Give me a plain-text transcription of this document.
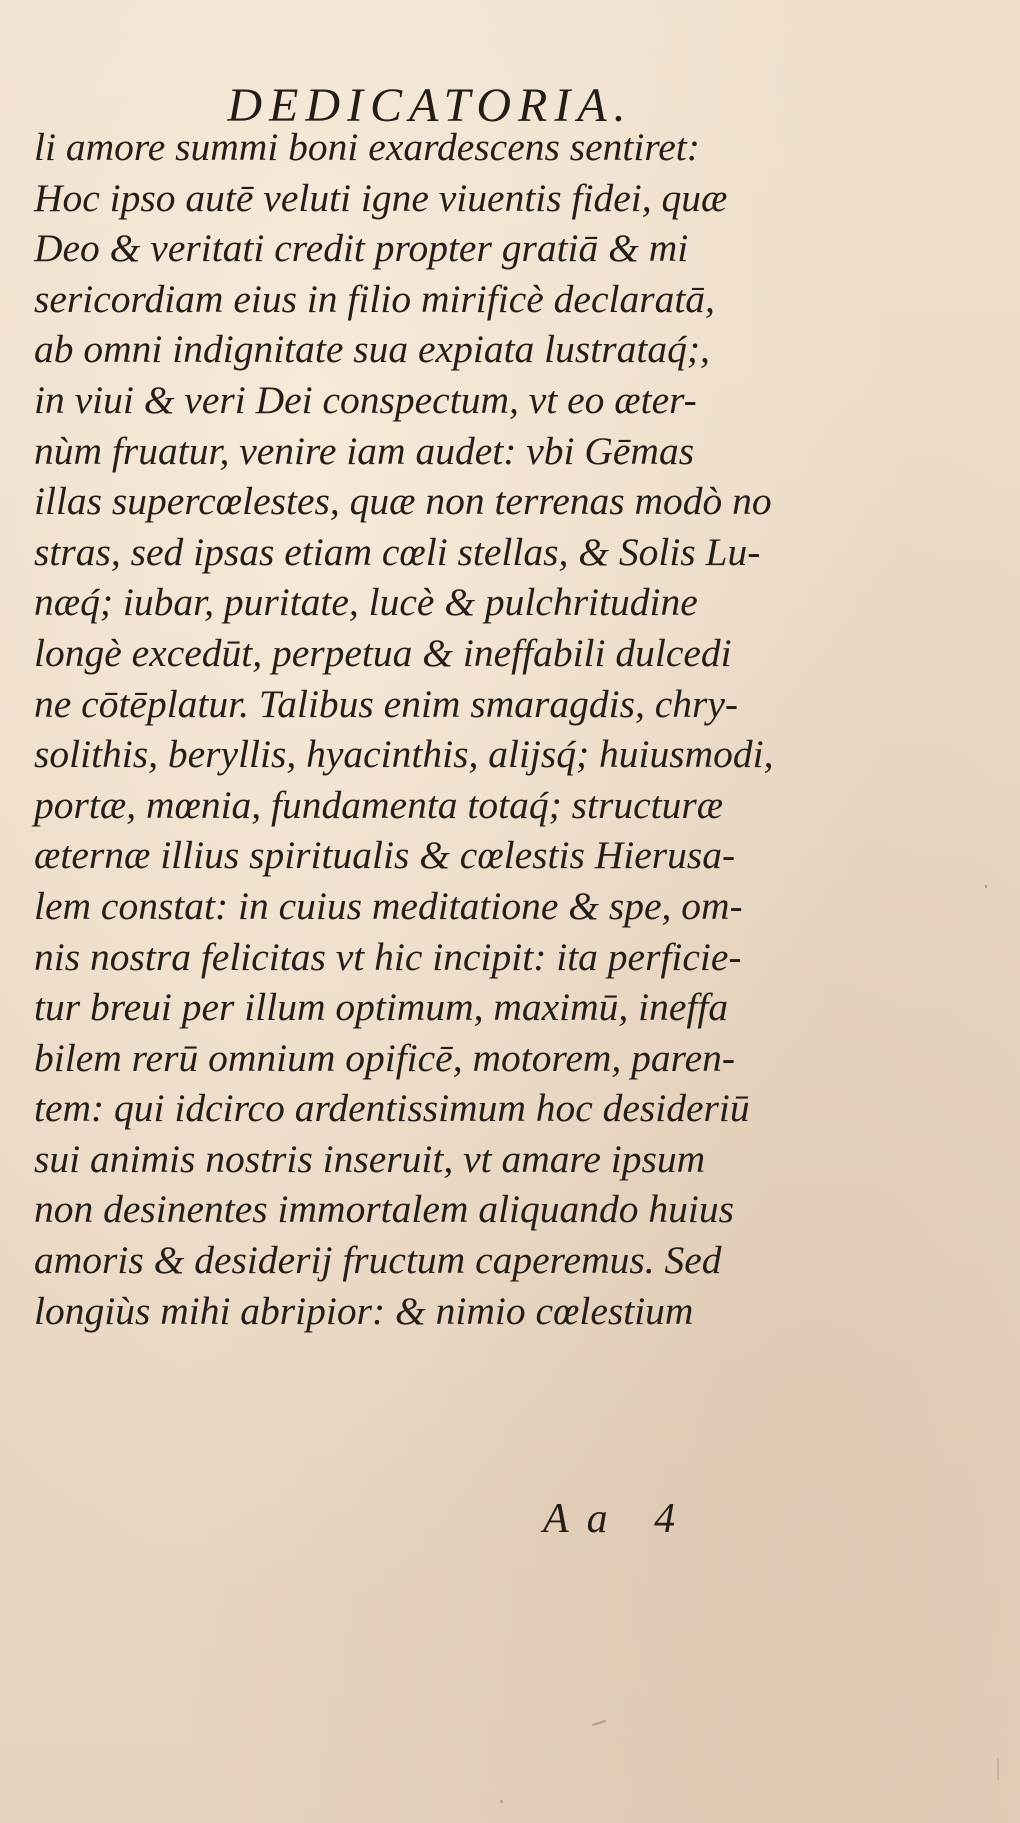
DEDICATORIA.
li amore summi boni exardescens sentiret:
Hoc ipso autē veluti igne viuentis fidei, quæ
Deo & veritati credit propter gratiā & mi
sericordiam eius in filio mirificè declaratā,
ab omni indignitate sua expiata lustrataq́;,
in viui & veri Dei conspectum, vt eo æter-
nùm fruatur, venire iam audet: vbi Gēmas
illas supercœlestes, quæ non terrenas modò no
stras, sed ipsas etiam cœli stellas, & Solis Lu-
næq́; iubar, puritate, lucè & pulchritudine
longè excedūt, perpetua & ineffabili dulcedi
ne cōtēplatur. Talibus enim smaragdis, chry-
solithis, beryllis, hyacinthis, alijsq́; huiusmodi,
portæ, mœnia, fundamenta totaq́; structuræ
æternæ illius spiritualis & cœlestis Hierusa-
lem constat: in cuius meditatione & spe, om-
nis nostra felicitas vt hic incipit: ita perficie-
tur breui per illum optimum, maximū, ineffa
bilem rerū omnium opificē, motorem, paren-
tem: qui idcirco ardentissimum hoc desideriū
sui animis nostris inseruit, vt amare ipsum
non desinentes immortalem aliquando huius
amoris & desiderij fructum caperemus. Sed
longiùs mihi abripior: & nimio cœlestium
Aa 4
